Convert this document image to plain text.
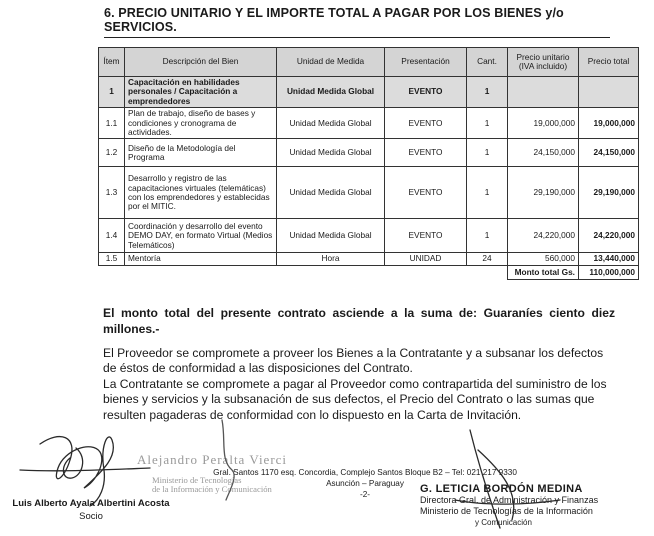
6. PRECIO UNITARIO Y EL IMPORTE TOTAL A PAGAR POR LOS BIENES y/o SERVICIOS.
Ítem	Descripción del Bien	Unidad de Medida	Presentación	Cant.	Precio unitario (IVA incluido)	Precio total
1	Capacitación en habilidades personales / Capacitación a emprendedores	Unidad Medida Global	EVENTO	1		
1.1	Plan de trabajo, diseño de bases y condiciones y cronograma de actividades.	Unidad Medida Global	EVENTO	1	19,000,000	19,000,000
1.2	Diseño de la Metodología del Programa	Unidad Medida Global	EVENTO	1	24,150,000	24,150,000
1.3	Desarrollo y registro de las capacitaciones virtuales (telemáticas) con los emprendedores y establecidas por el MITIC.	Unidad Medida Global	EVENTO	1	29,190,000	29,190,000
1.4	Coordinación y desarrollo del evento DEMO DAY, en formato Virtual (Medios Telemáticos)	Unidad Medida Global	EVENTO	1	24,220,000	24,220,000
1.5	Mentoría	Hora	UNIDAD	24	560,000	13,440,000
					Monto total Gs.	110,000,000
El monto total del presente contrato asciende a la suma de: Guaraníes ciento diez millones.-
El Proveedor se compromete a proveer los Bienes a la Contratante y a subsanar los defectos de éstos de conformidad a las disposiciones del Contrato.
La Contratante se compromete a pagar al Proveedor como contrapartida del suministro de los bienes y servicios y la subsanación de sus defectos, el Precio del Contrato o las sumas que resulten pagaderas de conformidad con lo dispuesto en la Carta de Invitación.
Alejandro Peralta Vierci
Ministerio de Tecnologías
de la Información y Comunicación
Gral. Santos 1170 esq. Concordia, Complejo Santos Bloque B2 – Tel: 021 217 9330
Asunción – Paraguay
-2-
Luis Alberto Ayala Albertini Acosta
Socio
G. LETICIA BORDÓN MEDINA
Directora Gral. de Administración y Finanzas
Ministerio de Tecnologías de la Información
y Comunicación
